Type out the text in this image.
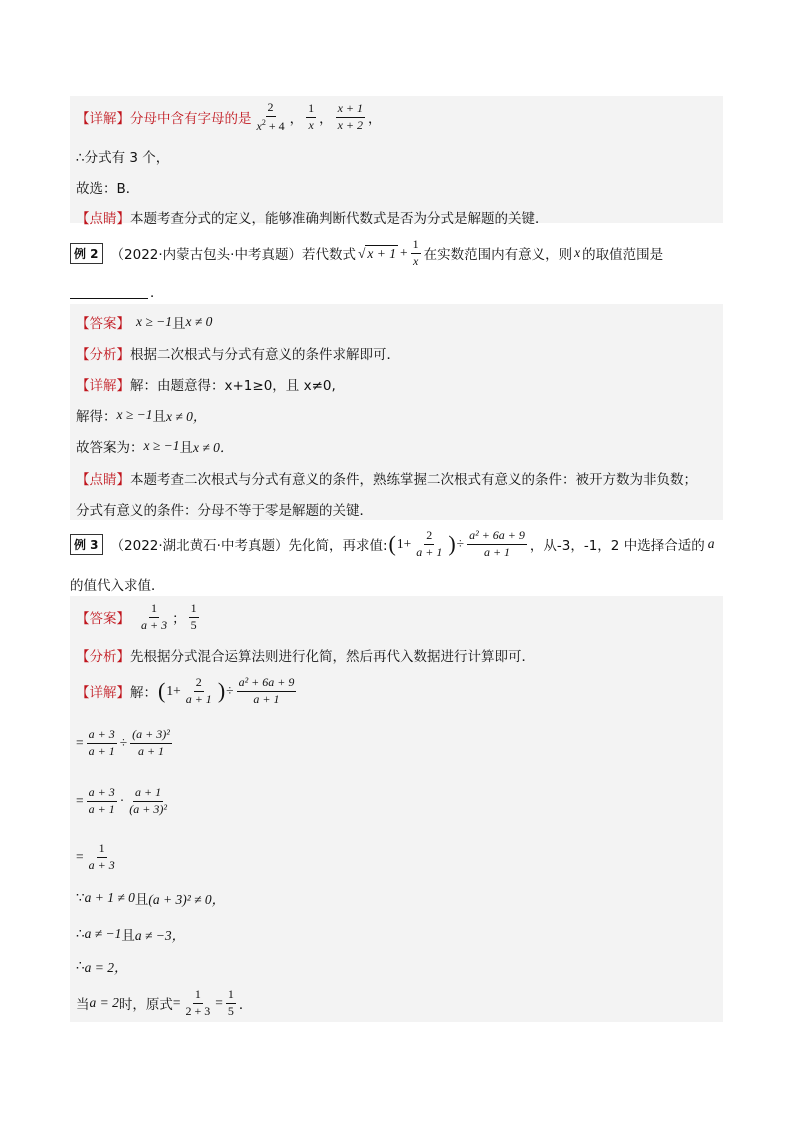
【详解】 分母中含有字母的是 $\frac{2}{x^2 + 4}$ ， $\frac{1}{x}$ ， $\frac{x + 1}{x + 2}$ ，
∴分式有 3 个，
故选：B．
【点睛】 本题考查分式的定义，能够准确判断代数式是否为分式是解题的关键．
例 2 （2022·内蒙古包头·中考真题）若代数式 √ $x + 1 + \frac{1}{x}$ 在实数范围内有意义，则 x 的取值范围是
．
【答案】 x ≥ −1 且 x ≠ 0
【分析】 根据二次根式与分式有意义的条件求解即可．
【详解】 解：由题意得：x+1≥0，且 x≠0,
解得： x ≥ −1 且 x ≠ 0，
故答案为： x ≥ −1 且 x ≠ 0．
【点睛】 本题考查二次根式与分式有意义的条件，熟练掌握二次根式有意义的条件：被开方数为非负数；
分式有意义的条件：分母不等于零是解题的关键．
例 3 （2022·湖北黄石·中考真题）先化简，再求值: ( $1+ \frac{2}{a + 1}$ ) ÷ $\frac{\text{a² + 6a + 9}}{a + 1}$ ，从-3，-1，2 中选择合适的 a
的值代入求值．
【答案】 $\frac{1}{a + 3}$ ； $\frac{1}{5}$
【分析】 先根据分式混合运算法则进行化简，然后再代入数据进行计算即可．
【详解】 解： ( $1+ \frac{2}{a + 1}$ ) ÷ $\frac{\text{a² + 6a + 9}}{a + 1}$
= $\frac{a + 3}{a + 1} \div \frac{\text{(a + 3)²}}{a + 1}$
= $\frac{a + 3}{a + 1} \cdot \frac{a + 1}{\text{(a + 3)²}}$
= $\frac{1}{a + 3}$
∵ a + 1 ≠ 0 且 (a + 3)² ≠ 0，
∴ a ≠ −1 且 a ≠ −3，
∴ a = 2，
当 a = 2 时，原式 = $\frac{1}{2 + 3} = \frac{1}{5}$ ．
